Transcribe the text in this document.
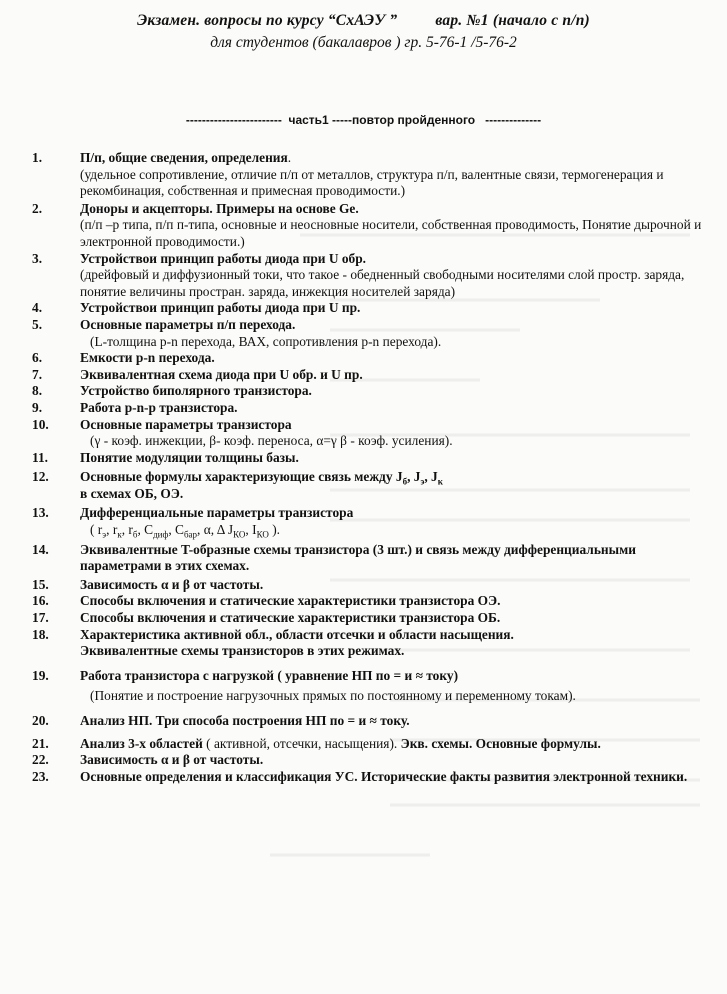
Экзамен. вопросы по курсу “СхАЭУ ” вар. №1 (начало с п/п)
для студентов (бакалавров ) гр. 5-76-1 /5-76-2
------------------------  часть1 -----повтор пройденного   --------------
1.	П/п, общие сведения, определения.
(удельное сопротивление, отличие п/п от металлов, структура п/п, валентные связи, термогенерация и рекомбинация, собственная и примесная проводимости.)
2.	Доноры и акцепторы. Примеры на основе Ge.
(п/п –р типа, п/п п-типа, основные и неосновные носители, собственная проводимость, Понятие дырочной и электронной проводимости.)
3.	Устройствои принцип работы диода при U обр.
(дрейфовый и диффузионный токи, что такое - обедненный свободными носителями слой простр. заряда, понятие величины простран. заряда, инжекция носителей заряда)
4.	Устройствои принцип работы диода при U пр.
5.	Основные параметры п/п перехода.
(L-толщина p-n перехода, ВАХ, сопротивления p-n перехода).
6.	Емкости p-n перехода.
7.	Эквивалентная схема диода при U обр. и U пр.
8.	Устройство биполярного транзистора.
9.	Работа p-n-p транзистора.
10.	Основные параметры транзистора
(γ - коэф. инжекции, β- коэф. переноса, α=γ β - коэф. усиления).
11.	Понятие модуляции толщины базы.
12.	Основные формулы характеризующие связь между $J_б$, $J_э$, $J_к$
в схемах ОБ, ОЭ.
13.	Дифференциальные параметры транзистора
( $r_э$, $r_к$, $r_б$, $C_{диф}$, $C_{бар}$, α, Δ $J_{КО}$, $I_{КО}$ ).
14.	Эквивалентные T-образные схемы транзистора (3 шт.) и связь между дифференциальными параметрами в этих схемах.
15.	Зависимость α и β от частоты.
16.	Способы включения и статические характеристики транзистора ОЭ.
17.	Способы включения и статические характеристики транзистора ОБ.
18.	Характеристика активной обл., области отсечки и области насыщения.
Эквивалентные схемы транзисторов в этих режимах.
19.	Работа транзистора с нагрузкой ( уравнение НП по = и ≈ току)
(Понятие и построение нагрузочных прямых по постоянному и переменному токам).
20.	Анализ НП. Три способа построения НП по = и ≈ току.
21.	Анализ 3-х областей ( активной, отсечки, насыщения). Экв. схемы. Основные формулы.
22.	Зависимость α и β от частоты.
23.	Основные определения и классификация УС. Исторические факты развития электронной техники.
